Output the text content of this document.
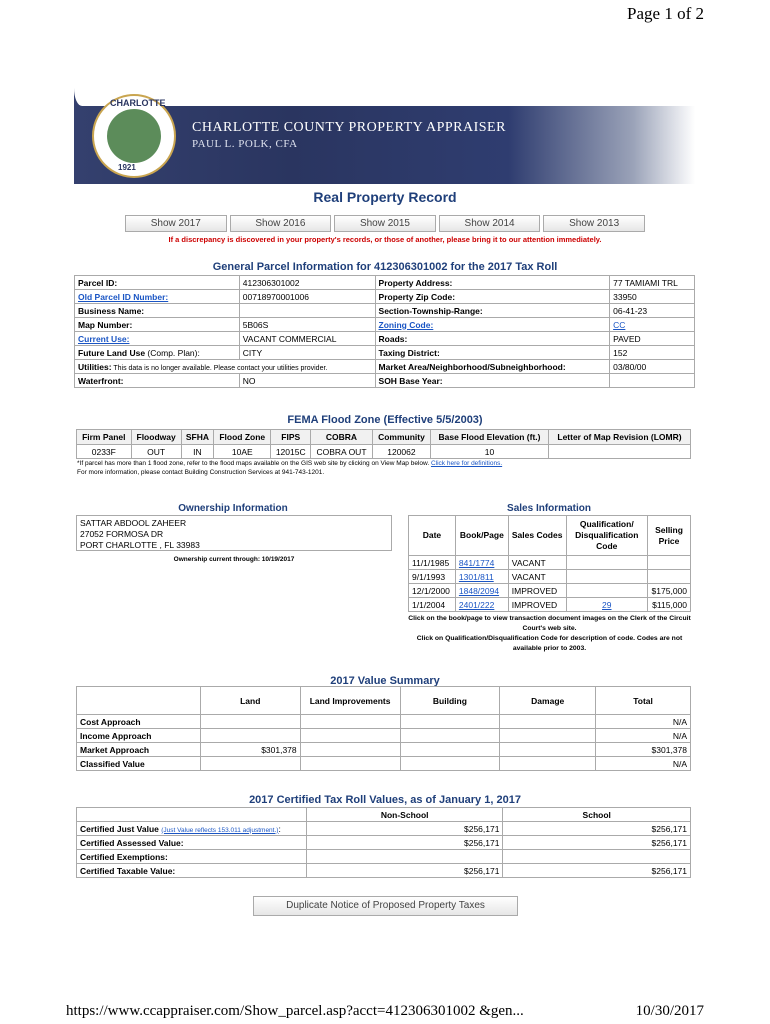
Page 1 of 2
CHARLOTTE
1921
CHARLOTTE COUNTY PROPERTY APPRAISER
PAUL L. POLK, CFA
Real Property Record
Show 2017	Show 2016	Show 2015	Show 2014	Show 2013
If a discrepancy is discovered in your property's records, or those of another, please bring it to our attention immediately.
General Parcel Information for 412306301002 for the 2017 Tax Roll
Parcel ID:	412306301002	Property Address:	77 TAMIAMI TRL
Old Parcel ID Number:	00718970001006	Property Zip Code:	33950
Business Name:		Section-Township-Range:	06-41-23
Map Number:	5B06S	Zoning Code:	CC
Current Use:	VACANT COMMERCIAL	Roads:	PAVED
Future Land Use (Comp. Plan):	CITY	Taxing District:	152
Utilities: This data is no longer available. Please contact your utilities provider.		Market Area/Neighborhood/Subneighborhood:	03/80/00
Waterfront:	NO	SOH Base Year:	
FEMA Flood Zone (Effective 5/5/2003)
Firm Panel	Floodway	SFHA	Flood Zone	FIPS	COBRA	Community	Base Flood Elevation (ft.)	Letter of Map Revision (LOMR)
0233F	OUT	IN	10AE	12015C	COBRA OUT	120062	10	
*If parcel has more than 1 flood zone, refer to the flood maps available on the GIS web site by clicking on View Map below. Click here for definitions.
For more information, please contact Building Construction Services at 941-743-1201.
Ownership Information
SATTAR ABDOOL ZAHEER
27052 FORMOSA DR
PORT CHARLOTTE , FL 33983
Ownership current through: 10/19/2017
Sales Information
Date	Book/Page	Sales Codes	Qualification/ Disqualification Code	Selling Price
11/1/1985	841/1774	VACANT		
9/1/1993	1301/811	VACANT		
12/1/2000	1848/2094	IMPROVED		$175,000
1/1/2004	2401/222	IMPROVED	29	$115,000
Click on the book/page to view transaction document images on the Clerk of the Circuit Court's web site.
Click on Qualification/Disqualification Code for description of code. Codes are not available prior to 2003.
2017 Value Summary
	Land	Land Improvements	Building	Damage	Total
Cost Approach					N/A
Income Approach					N/A
Market Approach	$301,378				$301,378
Classified Value					N/A
2017 Certified Tax Roll Values, as of January 1, 2017
	Non-School	School
Certified Just Value (Just Value reflects 153.011 adjustment.):	$256,171	$256,171
Certified Assessed Value:	$256,171	$256,171
Certified Exemptions:		
Certified Taxable Value:	$256,171	$256,171
Duplicate Notice of Proposed Property Taxes
https://www.ccappraiser.com/Show_parcel.asp?acct=412306301002 &gen...	10/30/2017
